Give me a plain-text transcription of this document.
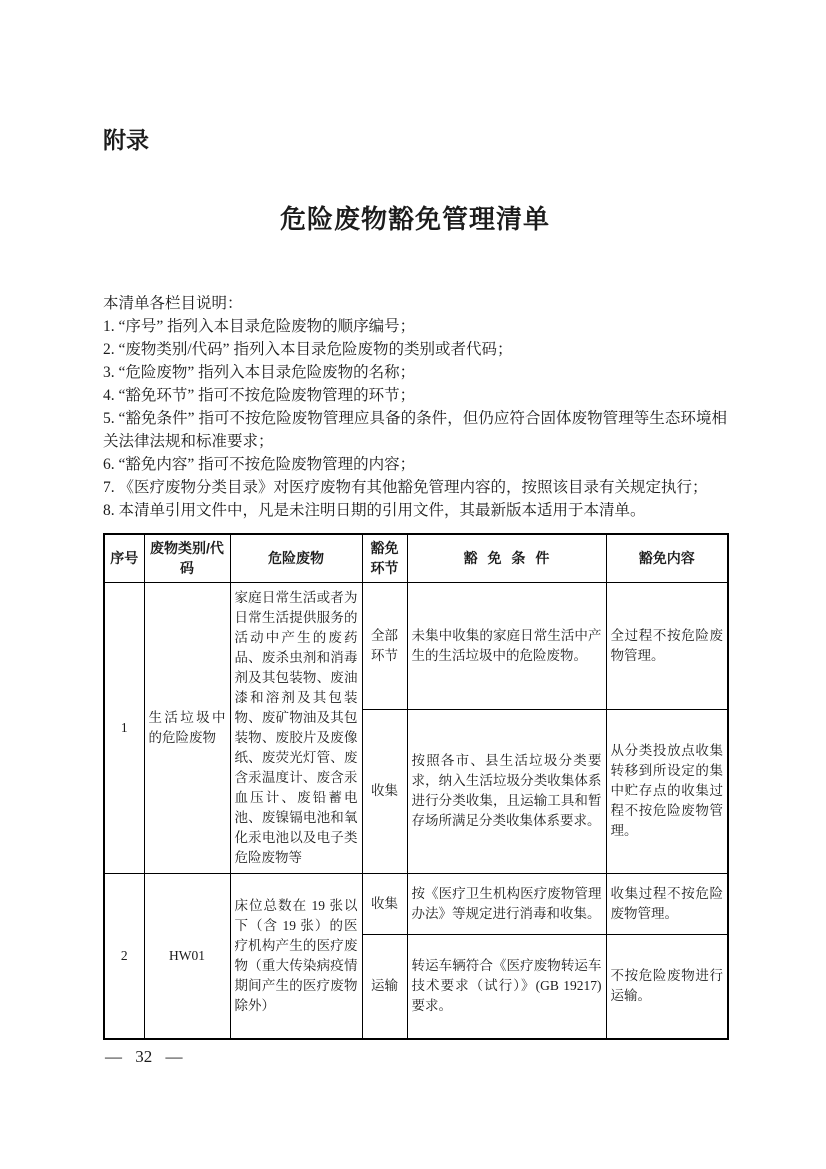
附录
危险废物豁免管理清单
本清单各栏目说明：
1. “序号” 指列入本目录危险废物的顺序编号；
2. “废物类别/代码” 指列入本目录危险废物的类别或者代码；
3. “危险废物” 指列入本目录危险废物的名称；
4. “豁免环节” 指可不按危险废物管理的环节；
5. “豁免条件” 指可不按危险废物管理应具备的条件，但仍应符合固体废物管理等生态环境相关法律法规和标准要求；
6. “豁免内容” 指可不按危险废物管理的内容；
7. 《医疗废物分类目录》对医疗废物有其他豁免管理内容的，按照该目录有关规定执行；
8. 本清单引用文件中，凡是未注明日期的引用文件，其最新版本适用于本清单。
序号	废物类别/代码	危险废物	豁免环节	豁 免 条 件	豁免内容
1	生活垃圾中的危险废物	家庭日常生活或者为日常生活提供服务的活动中产生的废药品、废杀虫剂和消毒剂及其包装物、废油漆和溶剂及其包装物、废矿物油及其包装物、废胶片及废像纸、废荧光灯管、废含汞温度计、废含汞血压计、废铅蓄电池、废镍镉电池和氧化汞电池以及电子类危险废物等	全部环节	未集中收集的家庭日常生活中产生的生活垃圾中的危险废物。	全过程不按危险废物管理。
			收集	按照各市、县生活垃圾分类要求，纳入生活垃圾分类收集体系进行分类收集，且运输工具和暂存场所满足分类收集体系要求。	从分类投放点收集转移到所设定的集中贮存点的收集过程不按危险废物管理。
2	HW01	床位总数在 19 张以下（含 19 张）的医疗机构产生的医疗废物（重大传染病疫情期间产生的医疗废物除外）	收集	按《医疗卫生机构医疗废物管理办法》等规定进行消毒和收集。	收集过程不按危险废物管理。
			运输	转运车辆符合《医疗废物转运车技术要求（试行）》(GB 19217)要求。	不按危险废物进行运输。
— 32 —
